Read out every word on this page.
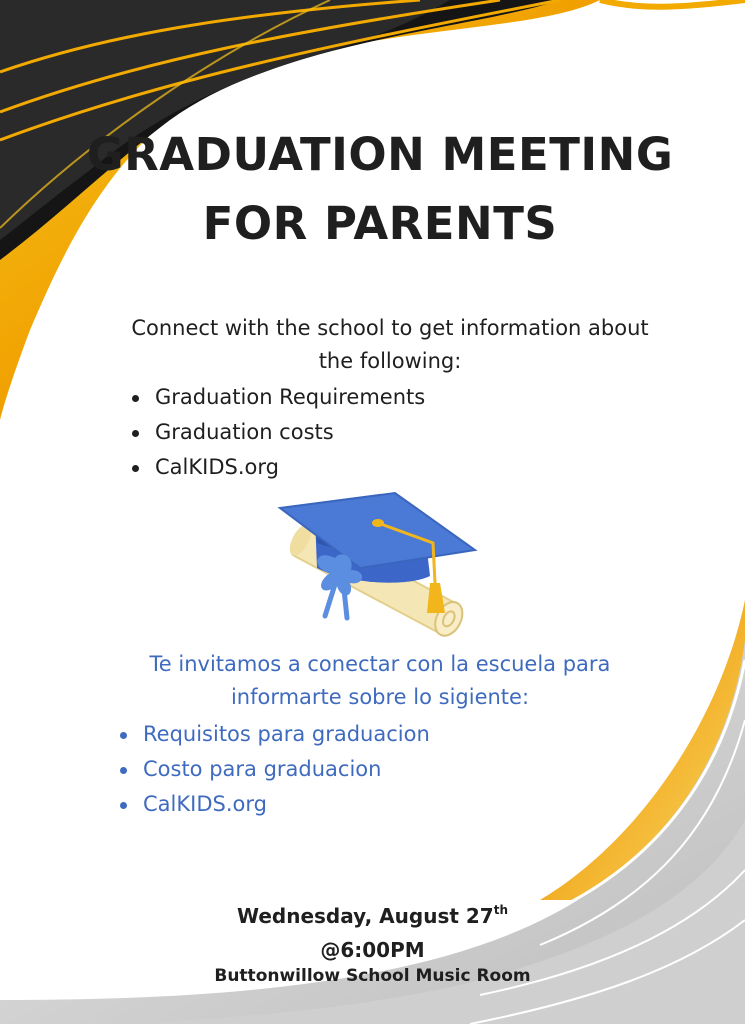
GRADUATION MEETING
FOR PARENTS
Connect with the school to get information about the following:
Graduation Requirements
Graduation costs
CalKIDS.org
Te invitamos a conectar con la escuela para informarte sobre lo sigiente:
Requisitos para graduacion
Costo para graduacion
CalKIDS.org
Wednesday, August 27th
@6:00PM
Buttonwillow School Music Room
